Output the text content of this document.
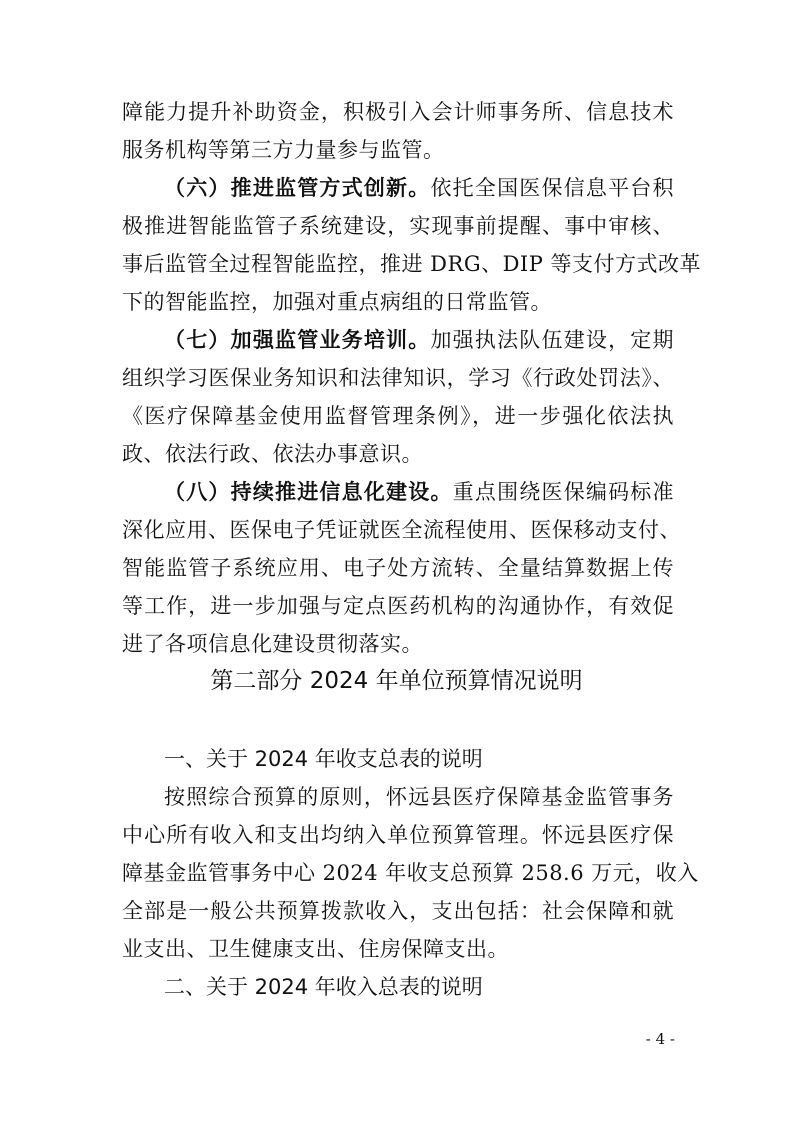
障能力提升补助资金，积极引入会计师事务所、信息技术
服务机构等第三方力量参与监管。
（六）推进监管方式创新。依托全国医保信息平台积
极推进智能监管子系统建设，实现事前提醒、事中审核、
事后监管全过程智能监控，推进 DRG、DIP 等支付方式改革
下的智能监控，加强对重点病组的日常监管。
（七）加强监管业务培训。加强执法队伍建设，定期
组织学习医保业务知识和法律知识，学习《行政处罚法》、
《医疗保障基金使用监督管理条例》，进一步强化依法执
政、依法行政、依法办事意识。
（八）持续推进信息化建设。重点围绕医保编码标准
深化应用、医保电子凭证就医全流程使用、医保移动支付、
智能监管子系统应用、电子处方流转、全量结算数据上传
等工作，进一步加强与定点医药机构的沟通协作，有效促
进了各项信息化建设贯彻落实。
第二部分 2024 年单位预算情况说明
一、关于 2024 年收支总表的说明
按照综合预算的原则，怀远县医疗保障基金监管事务
中心所有收入和支出均纳入单位预算管理。怀远县医疗保
障基金监管事务中心 2024 年收支总预算 258.6 万元，收入
全部是一般公共预算拨款收入，支出包括：社会保障和就
业支出、卫生健康支出、住房保障支出。
二、关于 2024 年收入总表的说明
- 4 -
